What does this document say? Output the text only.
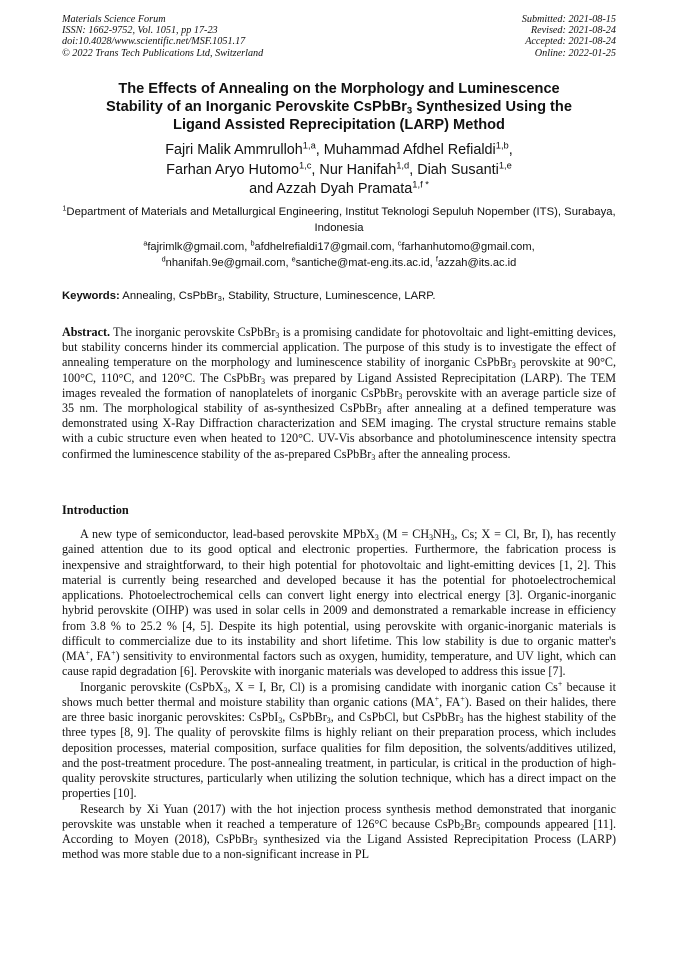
Materials Science Forum
ISSN: 1662-9752, Vol. 1051, pp 17-23
doi:10.4028/www.scientific.net/MSF.1051.17
© 2022 Trans Tech Publications Ltd, Switzerland
Submitted: 2021-08-15
Revised: 2021-08-24
Accepted: 2021-08-24
Online: 2022-01-25
The Effects of Annealing on the Morphology and Luminescence
Stability of an Inorganic Perovskite CsPbBr$_3$ Synthesized Using the
Ligand Assisted Reprecipitation (LARP) Method
Fajri Malik Ammrulloh$^{1,a}$, Muhammad Afdhel Refialdi$^{1,b}$,
Farhan Aryo Hutomo$^{1,c}$, Nur Hanifah$^{1,d}$, Diah Susanti$^{1,e}$
and Azzah Dyah Pramata$^{1,f *}$
$^1$Department of Materials and Metallurgical Engineering, Institut Teknologi Sepuluh Nopember (ITS), Surabaya, Indonesia
$^a$fajrimlk@gmail.com, $^b$afdhelrefialdi17@gmail.com, $^c$farhanhutomo@gmail.com,
$^d$nhanifah.9e@gmail.com, $^e$santiche@mat-eng.its.ac.id, $^f$azzah@its.ac.id
Keywords: Annealing, CsPbBr$_3$, Stability, Structure, Luminescence, LARP.
Abstract. The inorganic perovskite CsPbBr$_3$ is a promising candidate for photovoltaic and light-emitting devices, but stability concerns hinder its commercial application. The purpose of this study is to investigate the effect of annealing temperature on the morphology and luminescence stability of inorganic CsPbBr$_3$ perovskite at 90°C, 100°C, 110°C, and 120°C. The CsPbBr$_3$ was prepared by Ligand Assisted Reprecipitation (LARP). The TEM images revealed the formation of nanoplatelets of inorganic CsPbBr$_3$ perovskite with an average particle size of 35 nm. The morphological stability of as-synthesized CsPbBr$_3$ after annealing at a defined temperature was demonstrated using X-Ray Diffraction characterization and SEM imaging. The crystal structure remains stable with a cubic structure even when heated to 120°C. UV-Vis absorbance and photoluminescence intensity spectra confirmed the luminescence stability of the as-prepared CsPbBr$_3$ after the annealing process.
Introduction

A new type of semiconductor, lead-based perovskite MPbX$_3$ ($M = CH_3NH_3$, Cs; X = Cl, Br, I), has recently gained attention due to its good optical and electronic properties. Furthermore, the fabrication process is inexpensive and straightforward, to their high potential for photovoltaic and light-emitting devices [1, 2]. This material is currently being researched and developed because it has the potential for photoelectrochemical applications. Photoelectrochemical cells can convert light energy into electrical energy [3]. Organic-inorganic hybrid perovskite (OIHP) was used in solar cells in 2009 and demonstrated a remarkable increase in efficiency from 3.8 % to 25.2 % [4, 5]. Despite its high potential, using perovskite with organic-inorganic materials is difficult to commercialize due to its instability and short lifetime. This low stability is due to organic matter's (MA+, FA+) sensitivity to environmental factors such as oxygen, humidity, temperature, and UV light, which can cause rapid degradation [6]. Perovskite with inorganic materials was developed to address this issue [7].

Inorganic perovskite (CsPbX$_3$, X = I, Br, Cl) is a promising candidate with inorganic cation Cs+ because it shows much better thermal and moisture stability than organic cations (MA+, FA+). Based on their halides, there are three basic inorganic perovskites: CsPbI$_3$, CsPbBr$_3$, and CsPbCl, but CsPbBr$_3$ has the highest stability of the three types [8, 9]. The quality of perovskite films is highly reliant on their preparation process, which includes deposition processes, material composition, surface qualities for film deposition, the solvents/additives utilized, and the post-treatment procedure. The post-annealing treatment, in particular, is critical in the production of high-quality perovskite structures, particularly when utilizing the solution technique, which has a direct impact on the properties [10].

Research by Xi Yuan (2017) with the hot injection process synthesis method demonstrated that inorganic perovskite was unstable when it reached a temperature of 126°C because $CsPb_2Br_5$ compounds appeared [11]. According to Moyen (2018), CsPbBr$_3$ synthesized via the Ligand Assisted Reprecipitation Process (LARP) method was more stable due to a non-significant increase in PL
